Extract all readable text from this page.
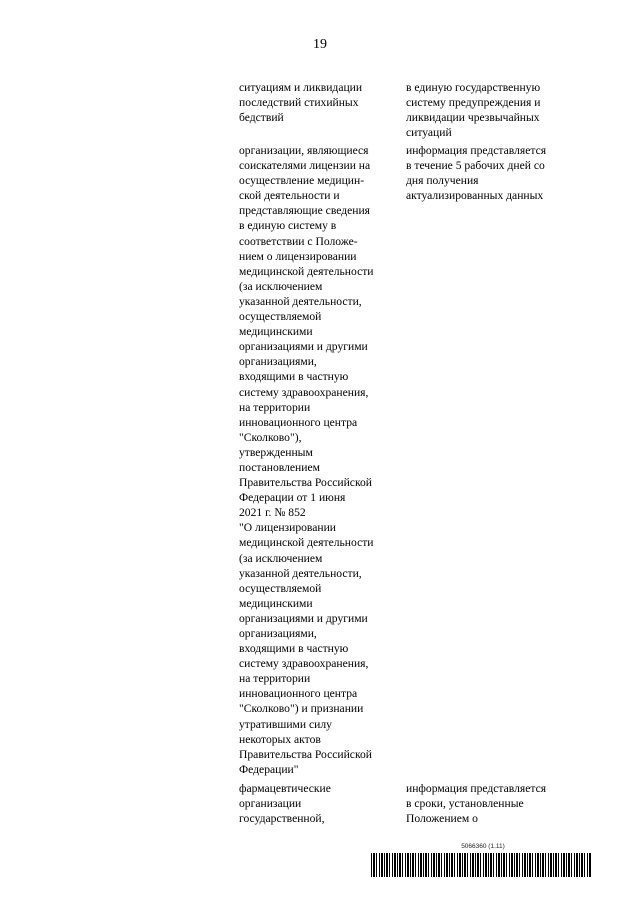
19
ситуациям и ликвидации
последствий стихийных
бедствий
в единую государственную
систему предупреждения и
ликвидации чрезвычайных
ситуаций
организации, являющиеся
соискателями лицензии на
осуществление медицин-
ской деятельности и
представляющие сведения
в единую систему в
соответствии с Положе-
нием о лицензировании
медицинской деятельности
(за исключением
указанной деятельности,
осуществляемой
медицинскими
организациями и другими
организациями,
входящими в частную
систему здравоохранения,
на территории
инновационного центра
"Сколково"),
утвержденным
постановлением
Правительства Российской
Федерации от 1 июня
2021 г. № 852
"О лицензировании
медицинской деятельности
(за исключением
указанной деятельности,
осуществляемой
медицинскими
организациями и другими
организациями,
входящими в частную
систему здравоохранения,
на территории
инновационного центра
"Сколково") и признании
утратившими силу
некоторых актов
Правительства Российской
Федерации"
информация представляется
в течение 5 рабочих дней со
дня получения
актуализированных данных
фармацевтические
организации
государственной,
информация представляется
в сроки, установленные
Положением о
5066360 (1.11)
